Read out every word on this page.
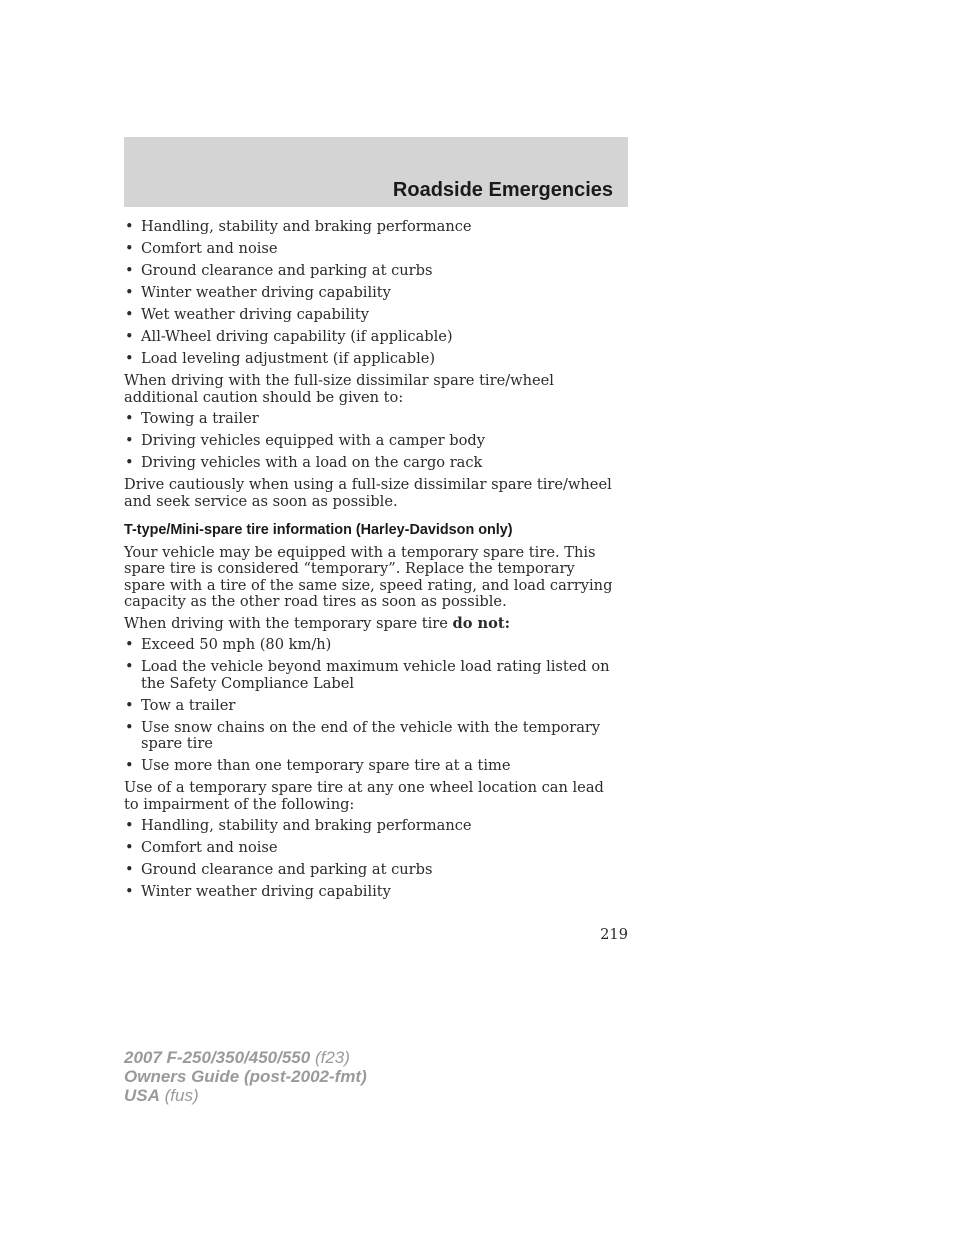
Roadside Emergencies
• Handling, stability and braking performance
• Comfort and noise
• Ground clearance and parking at curbs
• Winter weather driving capability
• Wet weather driving capability
• All-Wheel driving capability (if applicable)
• Load leveling adjustment (if applicable)

When driving with the full-size dissimilar spare tire/wheel additional caution should be given to:

• Towing a trailer
• Driving vehicles equipped with a camper body
• Driving vehicles with a load on the cargo rack

Drive cautiously when using a full-size dissimilar spare tire/wheel and seek service as soon as possible.

T-type/Mini-spare tire information (Harley-Davidson only)

Your vehicle may be equipped with a temporary spare tire. This spare tire is considered “temporary”. Replace the temporary spare with a tire of the same size, speed rating, and load carrying capacity as the other road tires as soon as possible.

When driving with the temporary spare tire do not:

• Exceed 50 mph (80 km/h)
• Load the vehicle beyond maximum vehicle load rating listed on the Safety Compliance Label
• Tow a trailer
• Use snow chains on the end of the vehicle with the temporary spare tire
• Use more than one temporary spare tire at a time

Use of a temporary spare tire at any one wheel location can lead to impairment of the following:

• Handling, stability and braking performance
• Comfort and noise
• Ground clearance and parking at curbs
• Winter weather driving capability
219
2007 F-250/350/450/550 (f23)
Owners Guide (post-2002-fmt)
USA (fus)
